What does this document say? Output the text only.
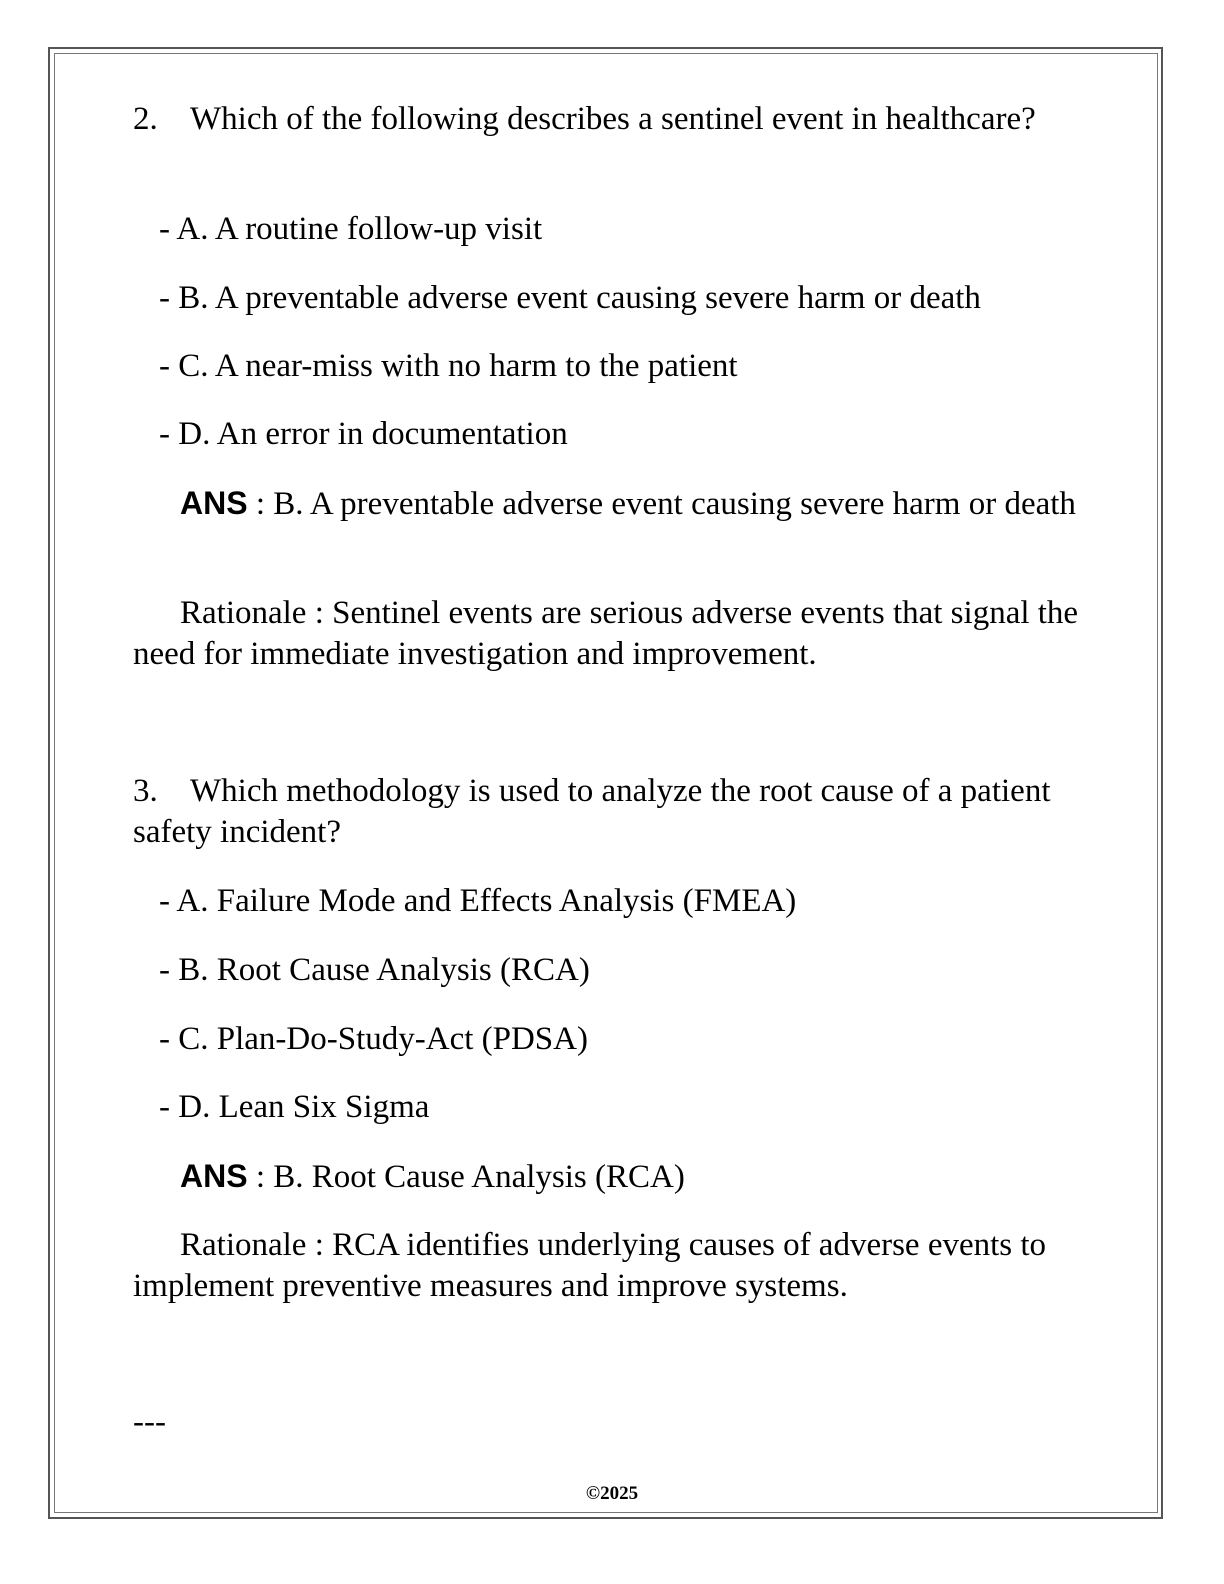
2. Which of the following describes a sentinel event in healthcare?
- A. A routine follow-up visit
- B. A preventable adverse event causing severe harm or death
- C. A near-miss with no harm to the patient
- D. An error in documentation
ANS : B. A preventable adverse event causing severe harm or death
Rationale : Sentinel events are serious adverse events that signal the need for immediate investigation and improvement.
3. Which methodology is used to analyze the root cause of a patient safety incident?
- A. Failure Mode and Effects Analysis (FMEA)
- B. Root Cause Analysis (RCA)
- C. Plan-Do-Study-Act (PDSA)
- D. Lean Six Sigma
ANS : B. Root Cause Analysis (RCA)
Rationale : RCA identifies underlying causes of adverse events to implement preventive measures and improve systems.
---
©2025
